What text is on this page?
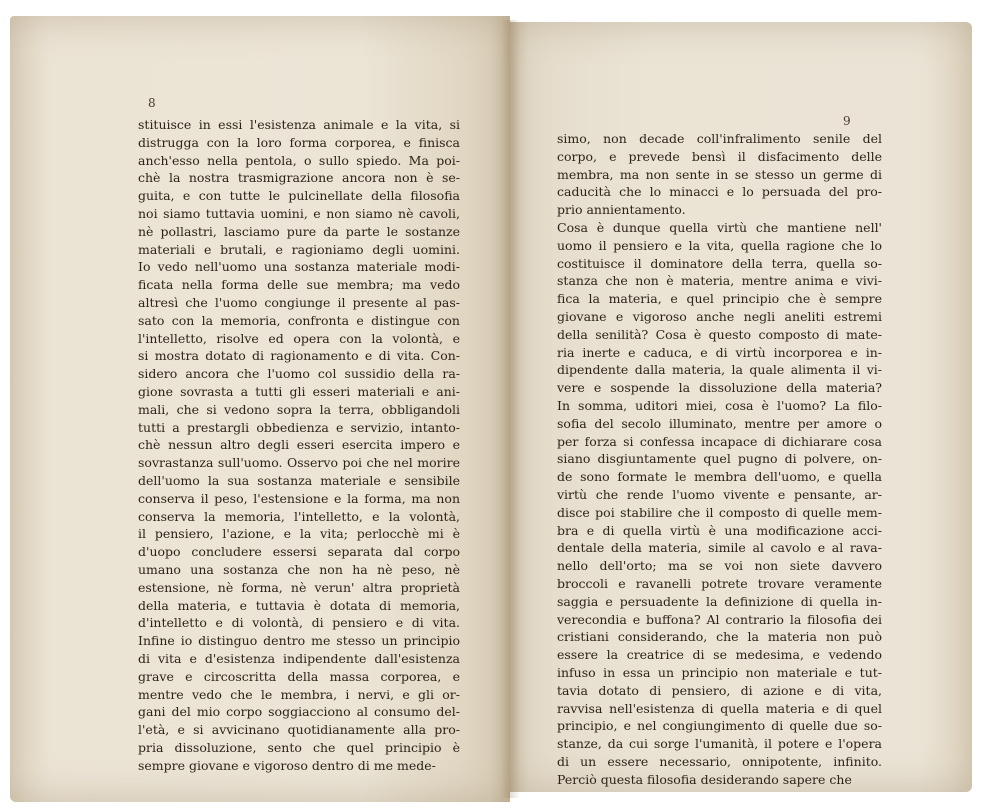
8
stituisce in essi l'esistenza animale e la vita, si
distrugga con la loro forma corporea, e finisca
anch'esso nella pentola, o sullo spiedo. Ma poi-
chè la nostra trasmigrazione ancora non è se-
guita, e con tutte le pulcinellate della filosofia
noi siamo tuttavia uomini, e non siamo nè cavoli,
nè pollastri, lasciamo pure da parte le sostanze
materiali e brutali, e ragioniamo degli uomini.
Io vedo nell'uomo una sostanza materiale modi-
ficata nella forma delle sue membra; ma vedo
altresì che l'uomo congiunge il presente al pas-
sato con la memoria, confronta e distingue con
l'intelletto, risolve ed opera con la volontà, e
si mostra dotato di ragionamento e di vita. Con-
sidero ancora che l'uomo col sussidio della ra-
gione sovrasta a tutti gli esseri materiali e ani-
mali, che si vedono sopra la terra, obbligandoli
tutti a prestargli obbedienza e servizio, intanto-
chè nessun altro degli esseri esercita impero e
sovrastanza sull'uomo. Osservo poi che nel morire
dell'uomo la sua sostanza materiale e sensibile
conserva il peso, l'estensione e la forma, ma non
conserva la memoria, l'intelletto, e la volontà,
il pensiero, l'azione, e la vita; perlocchè mi è
d'uopo concludere essersi separata dal corpo
umano una sostanza che non ha nè peso, nè
estensione, nè forma, nè verun' altra proprietà
della materia, e tuttavia è dotata di memoria,
d'intelletto e di volontà, di pensiero e di vita.
Infine io distinguo dentro me stesso un principio
di vita e d'esistenza indipendente dall'esistenza
grave e circoscritta della massa corporea, e
mentre vedo che le membra, i nervi, e gli or-
gani del mio corpo soggiacciono al consumo del-
l'età, e si avvicinano quotidianamente alla pro-
pria dissoluzione, sento che quel principio è
sempre giovane e vigoroso dentro di me mede-
9
simo, non decade coll'infralimento senile del
corpo, e prevede bensì il disfacimento delle
membra, ma non sente in se stesso un germe di
caducità che lo minacci e lo persuada del pro-
prio annientamento.
Cosa è dunque quella virtù che mantiene nell'
uomo il pensiero e la vita, quella ragione che lo
costituisce il dominatore della terra, quella so-
stanza che non è materia, mentre anima e vivi-
fica la materia, e quel principio che è sempre
giovane e vigoroso anche negli aneliti estremi
della senilità? Cosa è questo composto di mate-
ria inerte e caduca, e di virtù incorporea e in-
dipendente dalla materia, la quale alimenta il vi-
vere e sospende la dissoluzione della materia?
In somma, uditori miei, cosa è l'uomo? La filo-
sofia del secolo illuminato, mentre per amore o
per forza si confessa incapace di dichiarare cosa
siano disgiuntamente quel pugno di polvere, on-
de sono formate le membra dell'uomo, e quella
virtù che rende l'uomo vivente e pensante, ar-
disce poi stabilire che il composto di quelle mem-
bra e di quella virtù è una modificazione acci-
dentale della materia, simile al cavolo e al rava-
nello dell'orto; ma se voi non siete davvero
broccoli e ravanelli potrete trovare veramente
saggia e persuadente la definizione di quella in-
verecondia e buffona? Al contrario la filosofia dei
cristiani considerando, che la materia non può
essere la creatrice di se medesima, e vedendo
infuso in essa un principio non materiale e tut-
tavia dotato di pensiero, di azione e di vita,
ravvisa nell'esistenza di quella materia e di quel
principio, e nel congiungimento di quelle due so-
stanze, da cui sorge l'umanità, il potere e l'opera
di un essere necessario, onnipotente, infinito.
Perciò questa filosofia desiderando sapere che
